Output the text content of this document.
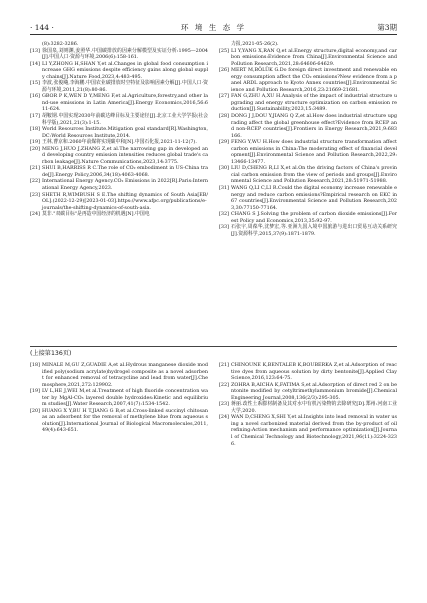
· 144 ·	环 境 生 态 学	第3期

(8):3282-3286.

[13] 徐国泉,刘则渊,姜照华.中国碳排放的因素分解模型及实证分析:1995—2004[J].中国人口·资源与环境,2006(6):158-161.

[14] LI Y,ZHONG H,SHAN Y,et al.Changes in global food consumption increase GHG emissions despite efficiency gains along global supply chains[J].Nature Food,2023,4:483-495.

[15] 李波,张俊飚,李海鹏.中国农业碳排放时空特征及影响因素分解[J].中国人口·资源与环境,2011,21(8):80-86.

[16] GBOR P K,WEN D Y,MENG F,et al.Agriculture,forestry,and other land-use emissions in Latin America[J].Energy Economics,2016,56:611-624.

[17] 胡鞍钢.中国实现2030年前碳达峰目标及主要途径[J].北京工业大学学报(社会科学版),2021,21(3):1-15.

[18] World Resources Institute.Mitigation goal standard[R].Washington,DC:World Resources Institute,2014.

[19] 王林,曹京和.2060年前煤将实现碳中和[N].中国石化报,2021-11-12(7).

[20] MENG J,HUO J,ZHANG Z,et al.The narrowing gap in developed and developing country emission intensities reduces global trade's carbon leakage[J].Nature Communications,2023,14:3775.

[21] SHUI B,HARRISS R C.The role of CO₂ embodiment in US-China trade[J].Energy Policy,2006,34(18):4063-4068.

[22] International Energy Agency.CO₂ Emissions in 2022[R].Paris:International Energy Agency,2023.

[23] SHETH R,WIMBUSH S E.The shifting dynamics of South Asia[EB/OL].(2022-12-29)[2023-01-03].https://www.afpc.org/publications/e-journals/the-shifting-dynamics-of-south-asia.

[24] 莫非."双碳目标"是再造中国经济的机遇[N].中国电

力报,2021-05-26(2).

[25] LI Y,YANG X,RAN Q,et al.Energy structure,digital economy,and carbon emissions:Evidence from China[J].Environmental Science and Pollution Research,2021,28:64606-64629.

[26] MERT M,BÖLÜK G.Do foreign direct investment and renewable energy consumption affect the CO₂ emissions?New evidence from a panel ARDL approach to Kyoto Annex countries[J].Environmental Science and Pollution Research,2016,23:21669-21681.

[27] FAN G,ZHU A,XU H.Analysis of the impact of industrial structure upgrading and energy structure optimization on carbon emission reduction[J].Sustainability,2023,15:3489.

[28] DONG J J,DOU Y,JIANG Q Z,et al.How does industrial structure upgrading affect the global greenhouse effect?Evidence from RCEP and non-RCEP countries[J].Frontiers in Energy Research,2021,9:683166.

[29] FENG Y,WU H.How does industrial structure transformation affect carbon emissions in China:The moderating effect of financial development[J].Environmental Science and Pollution Research,2022,29:13466-13477.

[30] LIU D,CHENG R,LI X,et al.On the driving factors of China's provincial carbon emission from the view of periods and groups[J].Environmental Science and Pollution Research,2021,28:51971-51988.

[31] WANG Q,LI C,LI R.Could the digital economy increase renewable energy and reduce carbon emissions?Empirical research on EKC in 67 countries[J].Environmental Science and Pollution Research,2023,30:77150-77164.

[32] CHANG S J.Solving the problem of carbon dioxide emissions[J].Forest Policy and Economics,2013,35:92-97.

[33] 石张宇,周葆华,沈梦宏,等.亚洲九国入境中国旅游与进出口贸易互动关系研究[J].资源科学,2015,37(9):1871-1879.

(上接第136页)

[18] MINALE M,GU Z,GUADIE A,et al.Hydrous manganese dioxide modified poly(sodium acrylate)hydrogel composite as a novel adsorbent for enhanced removal of tetracycline and lead from water[J].Chemosphere,2021,272:129902.

[19] LV L,HE J,WEI M,et al.Treatment of high fluoride concentration water by MgAl-CO₃ layered double hydroxides:Kinetic and equilibrium studies[J].Water Research,2007,41(7):1534-1542.

[20] HUANG X Y,BU H T,JIANG G B,et al.Cross-linked succinyl chitosan as an adsorbent for the removal of methylene blue from aqueous solution[J].International Journal of Biological Macromolecules,2011,49(4):643-651.

[21] CHINOUNE K,BENTALEB K,BOUBERKA Z,et al.Adsorption of reactive dyes from aqueous solution by dirty bentonite[J].Applied Clay Science,2016,123:64-75.

[22] ZOHRA B,AICHA K,FATIMA S,et al.Adsorption of direct red 2 on bentonite modified by cetyltrimethylammonium bromide[J].Chemical Engineering Journal,2008,136(2/3):295-305.

[23] 蒋丽.改性土系膨材制备及其对水中有机污染物的去除研究[D].郑州:河南工业大学,2020.

[24] WAN D,CHENG X,SHI Y,et al.Insights into lead removal in water using a novel carbonized material derived from the by-product of oil refining:Action mechanism and performance optimization[J].Journal of Chemical Technology and Biotechnology,2021,96(11):3224-3236.
